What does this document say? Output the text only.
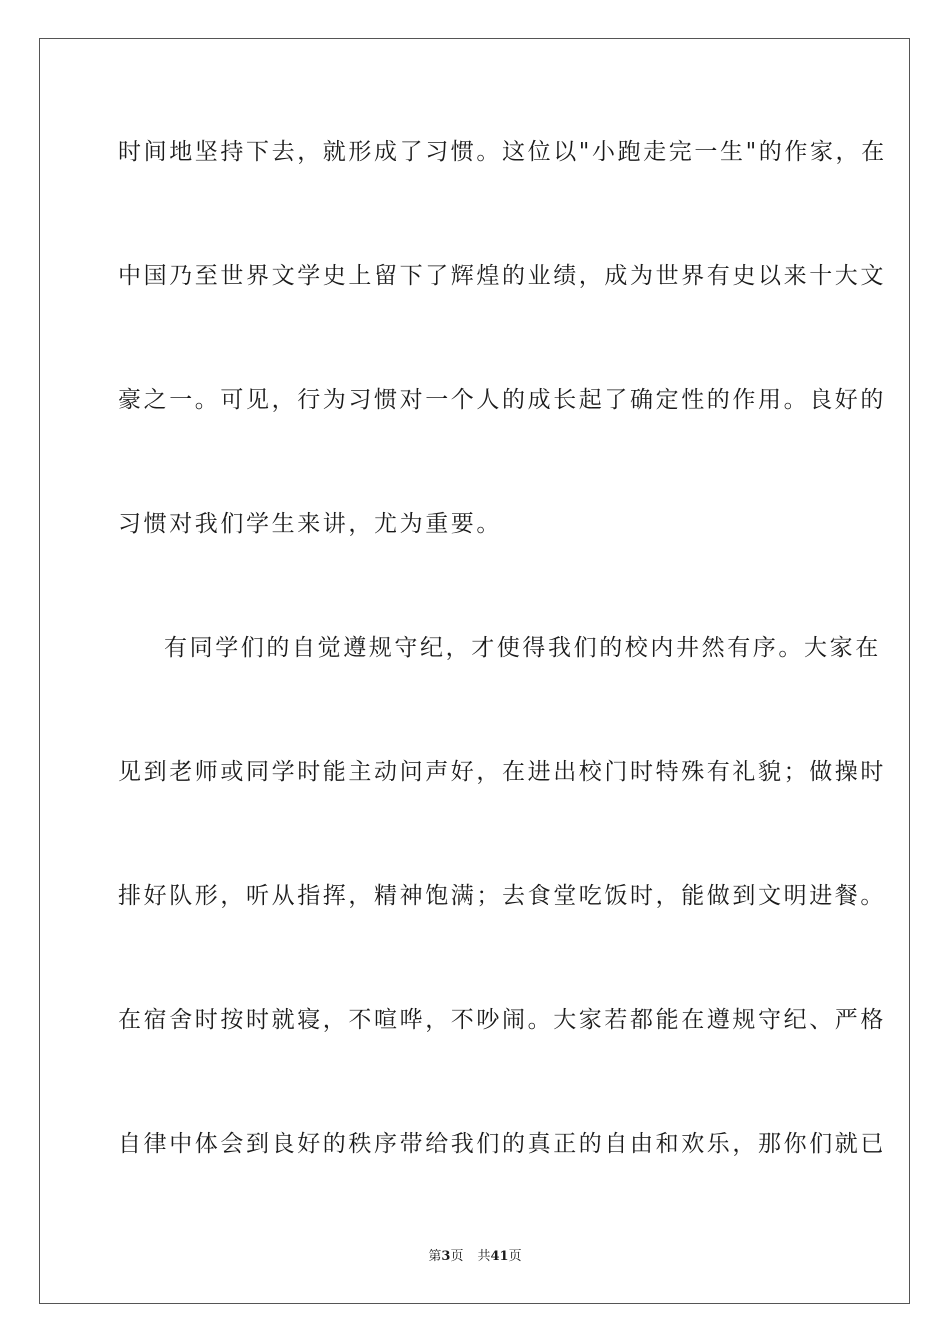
时间地坚持下去，就形成了习惯。这位以"小跑走完一生"的作家，在
中国乃至世界文学史上留下了辉煌的业绩，成为世界有史以来十大文
豪之一。可见，行为习惯对一个人的成长起了确定性的作用。良好的
习惯对我们学生来讲，尤为重要。
有同学们的自觉遵规守纪，才使得我们的校内井然有序。大家在
见到老师或同学时能主动问声好，在进出校门时特殊有礼貌；做操时
排好队形，听从指挥，精神饱满；去食堂吃饭时，能做到文明进餐。
在宿舍时按时就寝，不喧哗，不吵闹。大家若都能在遵规守纪、严格
自律中体会到良好的秩序带给我们的真正的自由和欢乐，那你们就已
第3页 共41页
